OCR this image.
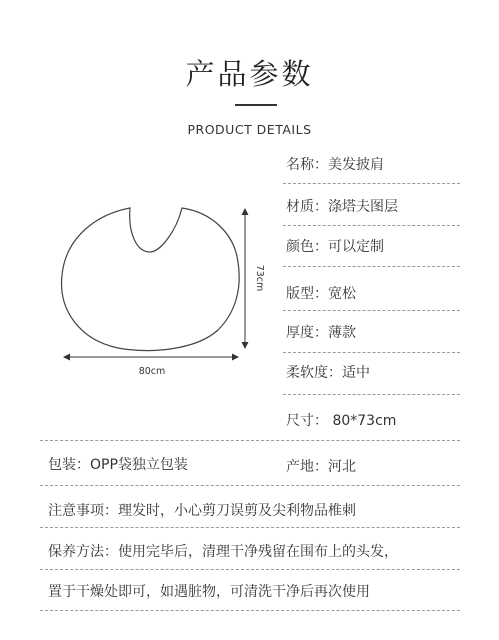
产品参数
PRODUCT DETAILS
80cm
73cm
名称：美发披肩
材质：涤塔夫图层
颜色：可以定制
版型：宽松
厚度：薄款
柔软度：适中
尺寸： 80*73cm
包装：OPP袋独立包装	产地：河北
注意事项：理发时，小心剪刀误剪及尖利物品椎刺
保养方法：使用完毕后，清理干净残留在围布上的头发，
置于干燥处即可，如遇脏物，可清洗干净后再次使用
